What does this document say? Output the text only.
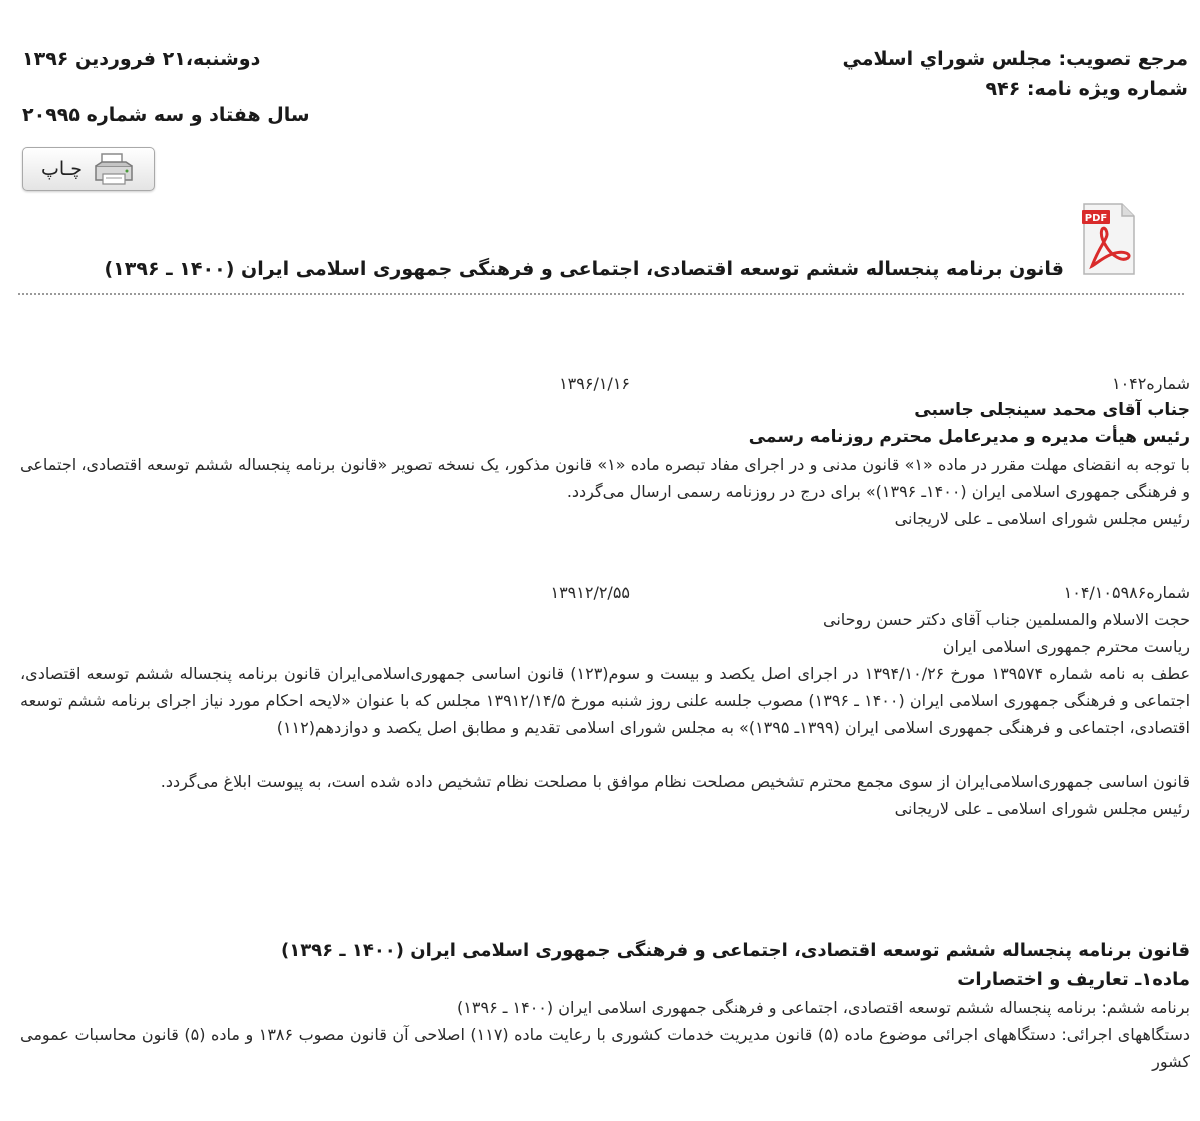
مرجع تصويب: مجلس شوراي اسلامي
شماره ویژه نامه: ۹۴۶
دوشنبه،۲۱ فروردین ۱۳۹۶
سال هفتاد و سه شماره ۲۰۹۹۵
چـاپ
PDF
قانون برنامه پنجساله ششم توسعه اقتصادی، اجتماعی و فرهنگی جمهوری اسلامی ایران (۱۴۰۰ ـ ۱۳۹۶)
شماره۱۰۴۲
۱۳۹۶/۱/۱۶

جناب آقای محمد سینجلی جاسبی

رئیس هیأت مدیره و مدیرعامل محترم روزنامه رسمی

با توجه به انقضای مهلت مقرر در ماده «۱» قانون مدنی و در اجرای مفاد تبصره ماده «۱» قانون مذکور، یک نسخه تصویر «قانون برنامه پنجساله ششم توسعه اقتصادی، اجتماعی و فرهنگی جمهوری اسلامی ایران (۱۴۰۰ـ ۱۳۹۶)» برای درج در روزنامه رسمی ارسال می‌گردد.

رئیس مجلس شورای اسلامی ـ علی لاریجانی

شماره۱۰۴/۱۰۵۹۸۶
۱۳۹۱۲/۲/۵۵

حجت الاسلام والمسلمین جناب آقای دکتر حسن روحانی

ریاست محترم جمهوری اسلامی ایران

عطف به نامه شماره ۱۳۹۵۷۴ مورخ ۱۳۹۴/۱۰/۲۶ در اجرای اصل یکصد و بیست و سوم(۱۲۳) قانون اساسی جمهوری‌اسلامی‌ایران قانون برنامه پنجساله ششم توسعه اقتصادی، اجتماعی و فرهنگی جمهوری اسلامی ایران (۱۴۰۰ ـ ۱۳۹۶) مصوب جلسه علنی روز شنبه مورخ ۱۳۹۱۲/۱۴/۵ مجلس که با عنوان «لایحه احکام مورد نیاز اجرای برنامه ششم توسعه اقتصادی، اجتماعی و فرهنگی جمهوری اسلامی ایران (۱۳۹۹ـ ۱۳۹۵)» به مجلس شورای اسلامی تقدیم و مطابق اصل یکصد و دوازدهم(۱۱۲)

قانون اساسی جمهوری‌اسلامی‌ایران از سوی مجمع محترم تشخیص مصلحت نظام موافق با مصلحت نظام تشخیص داده شده است، به پیوست ابلاغ می‌گردد.

رئیس مجلس شورای اسلامی ـ علی لاریجانی

قانون برنامه پنجساله ششم توسعه اقتصادی، اجتماعی و فرهنگی جمهوری اسلامی ایران (۱۴۰۰ ـ ۱۳۹۶)

ماده۱ـ تعاریف و اختصارات

برنامه ششم: برنامه پنجساله ششم توسعه اقتصادی، اجتماعی و فرهنگی جمهوری اسلامی ایران (۱۴۰۰ ـ ۱۳۹۶)

دستگاههای اجرائی: دستگاههای اجرائی موضوع ماده (۵) قانون مدیریت خدمات کشوری با رعایت ماده (۱۱۷) اصلاحی آن قانون مصوب ۱۳۸۶ و ماده (۵) قانون محاسبات عمومی کشور
